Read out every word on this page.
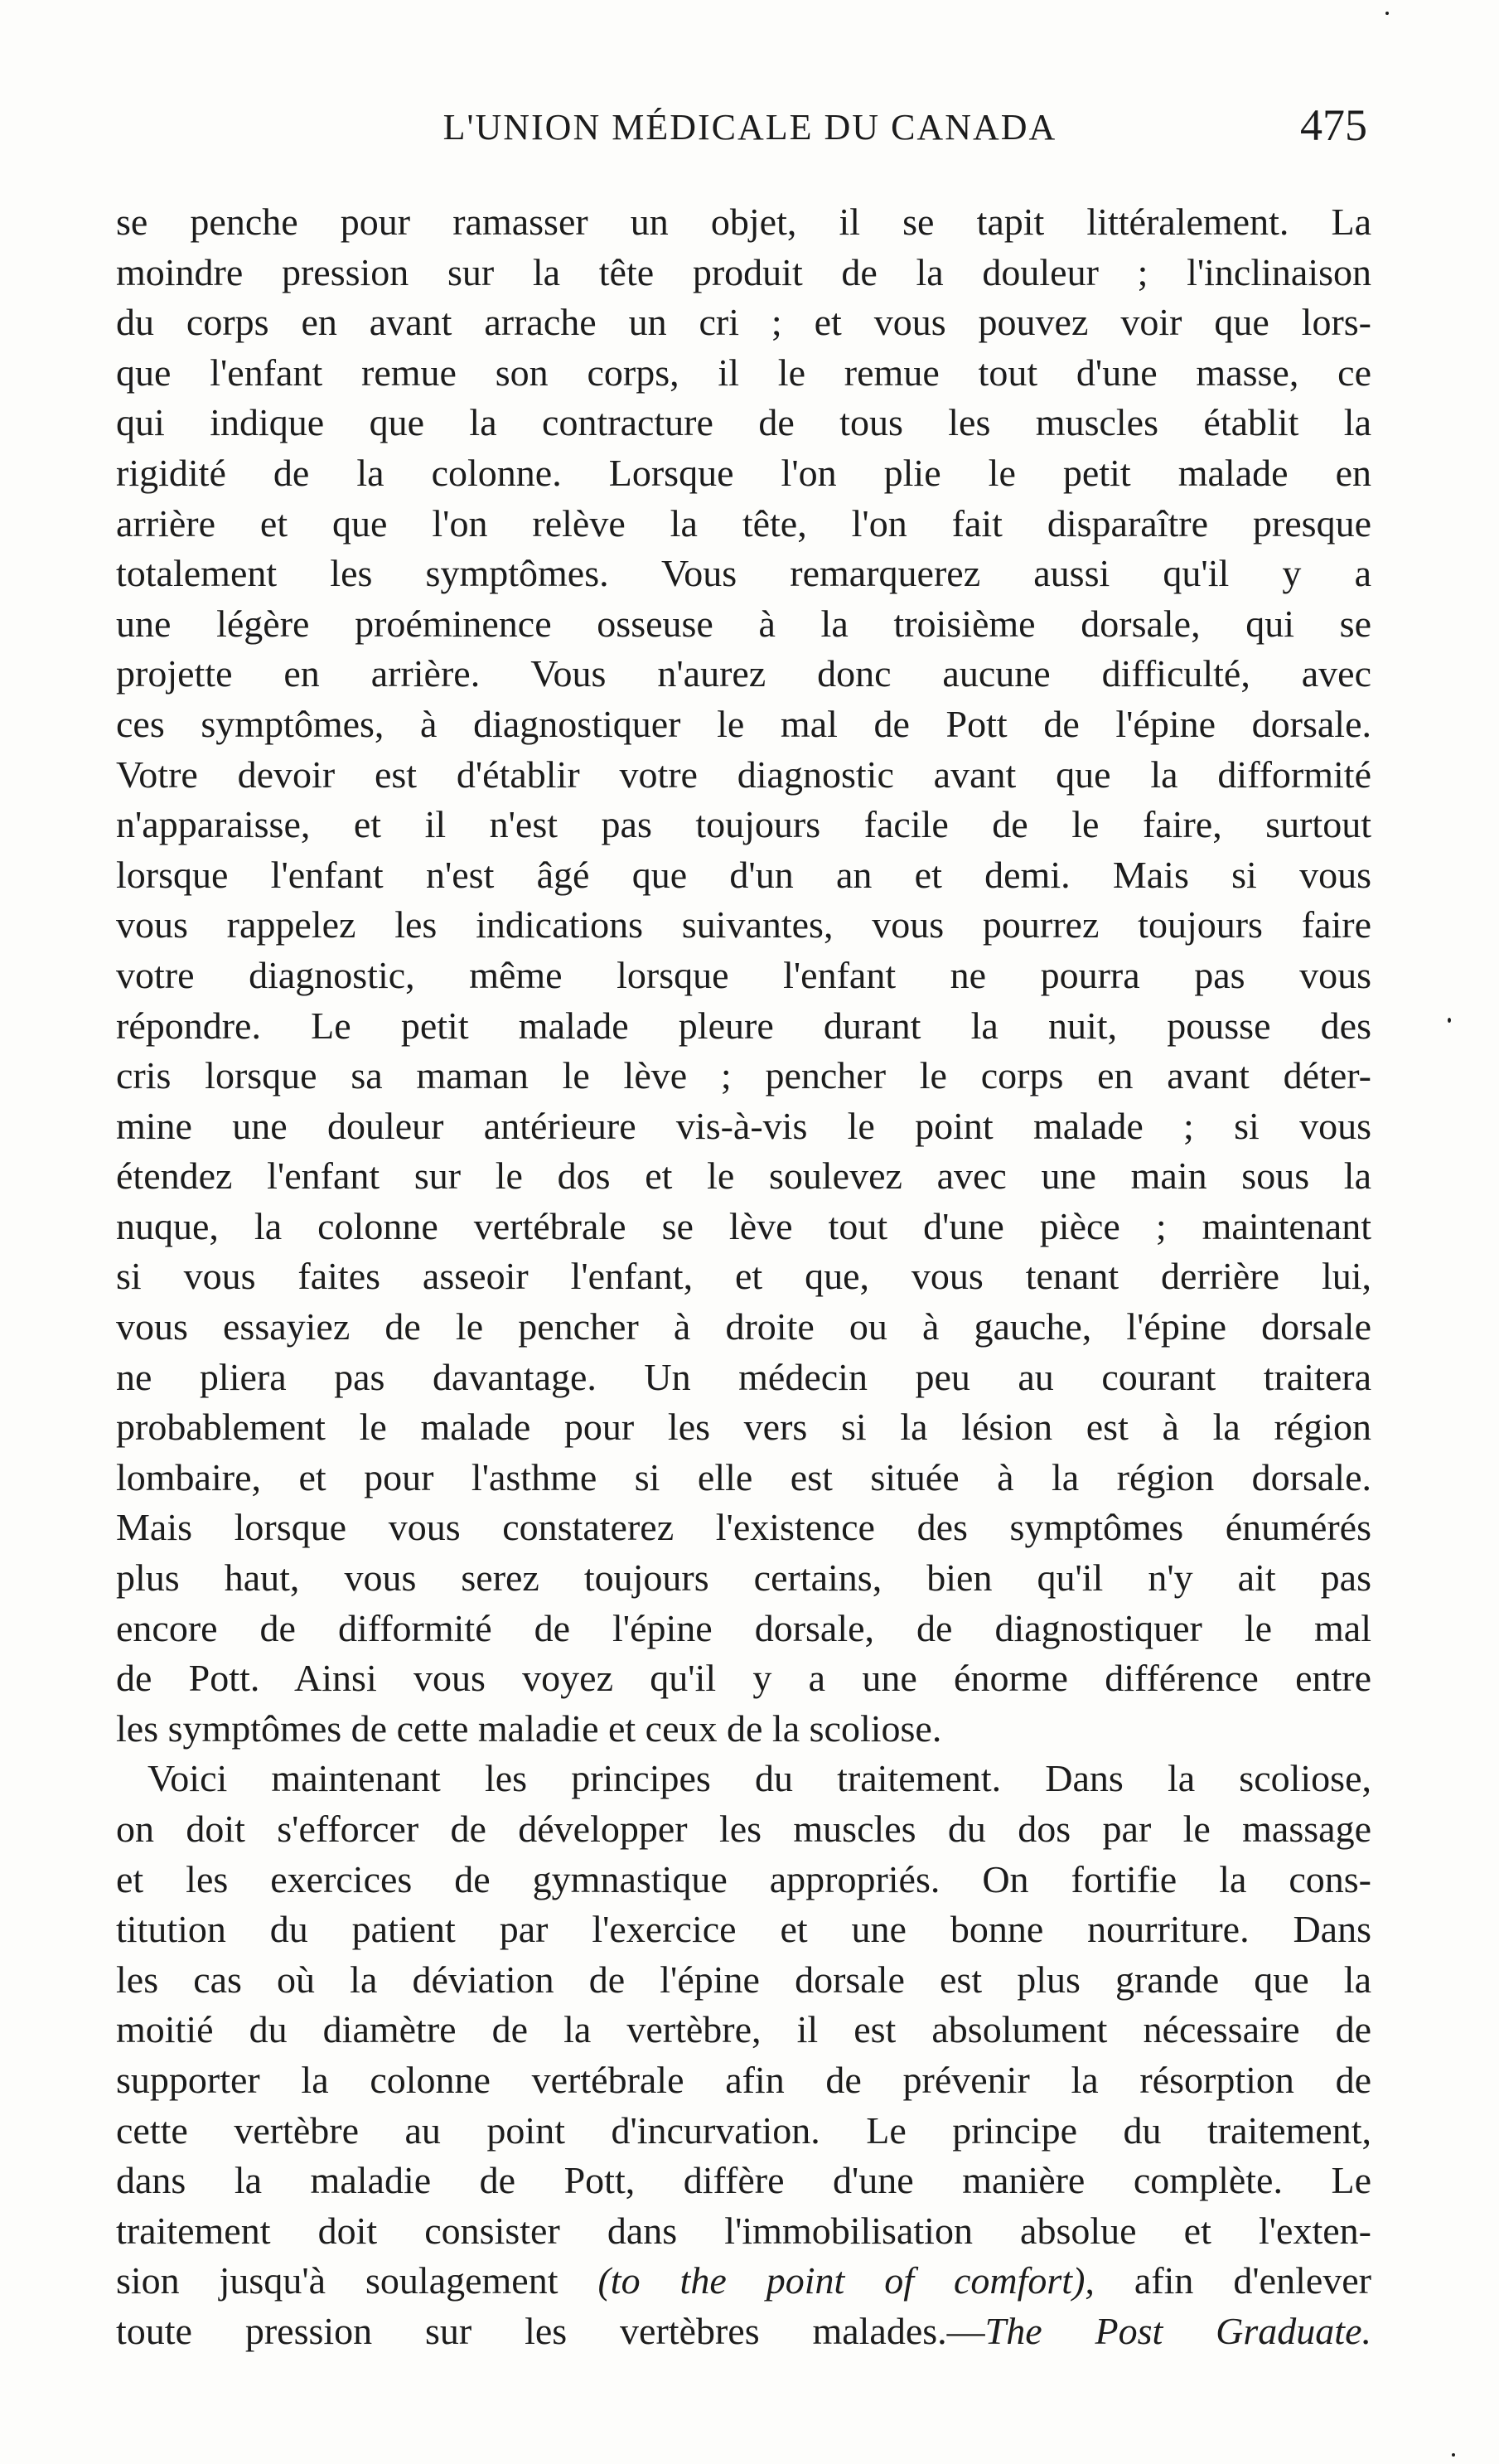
L'UNION MÉDICALE DU CANADA	475
se penche pour ramasser un objet, il se tapit littéralement. La
moindre pression sur la tête produit de la douleur ; l'inclinaison
du corps en avant arrache un cri ; et vous pouvez voir que lors-
que l'enfant remue son corps, il le remue tout d'une masse, ce
qui indique que la contracture de tous les muscles établit la
rigidité de la colonne. Lorsque l'on plie le petit malade en
arrière et que l'on relève la tête, l'on fait disparaître presque
totalement les symptômes. Vous remarquerez aussi qu'il y a
une légère proéminence osseuse à la troisième dorsale, qui se
projette en arrière. Vous n'aurez donc aucune difficulté, avec
ces symptômes, à diagnostiquer le mal de Pott de l'épine dorsale.
Votre devoir est d'établir votre diagnostic avant que la difformité
n'apparaisse, et il n'est pas toujours facile de le faire, surtout
lorsque l'enfant n'est âgé que d'un an et demi. Mais si vous
vous rappelez les indications suivantes, vous pourrez toujours faire
votre diagnostic, même lorsque l'enfant ne pourra pas vous
répondre. Le petit malade pleure durant la nuit, pousse des
cris lorsque sa maman le lève ; pencher le corps en avant déter-
mine une douleur antérieure vis-à-vis le point malade ; si vous
étendez l'enfant sur le dos et le soulevez avec une main sous la
nuque, la colonne vertébrale se lève tout d'une pièce ; maintenant
si vous faites asseoir l'enfant, et que, vous tenant derrière lui,
vous essayiez de le pencher à droite ou à gauche, l'épine dorsale
ne pliera pas davantage. Un médecin peu au courant traitera
probablement le malade pour les vers si la lésion est à la région
lombaire, et pour l'asthme si elle est située à la région dorsale.
Mais lorsque vous constaterez l'existence des symptômes énumérés
plus haut, vous serez toujours certains, bien qu'il n'y ait pas
encore de difformité de l'épine dorsale, de diagnostiquer le mal
de Pott. Ainsi vous voyez qu'il y a une énorme différence entre
les symptômes de cette maladie et ceux de la scoliose.
Voici maintenant les principes du traitement. Dans la scoliose,
on doit s'efforcer de développer les muscles du dos par le massage
et les exercices de gymnastique appropriés. On fortifie la cons-
titution du patient par l'exercice et une bonne nourriture. Dans
les cas où la déviation de l'épine dorsale est plus grande que la
moitié du diamètre de la vertèbre, il est absolument nécessaire de
supporter la colonne vertébrale afin de prévenir la résorption de
cette vertèbre au point d'incurvation. Le principe du traitement,
dans la maladie de Pott, diffère d'une manière complète. Le
traitement doit consister dans l'immobilisation absolue et l'exten-
sion jusqu'à soulagement (to the point of comfort), afin d'enlever
toute pression sur les vertèbres malades.—The Post Graduate.
